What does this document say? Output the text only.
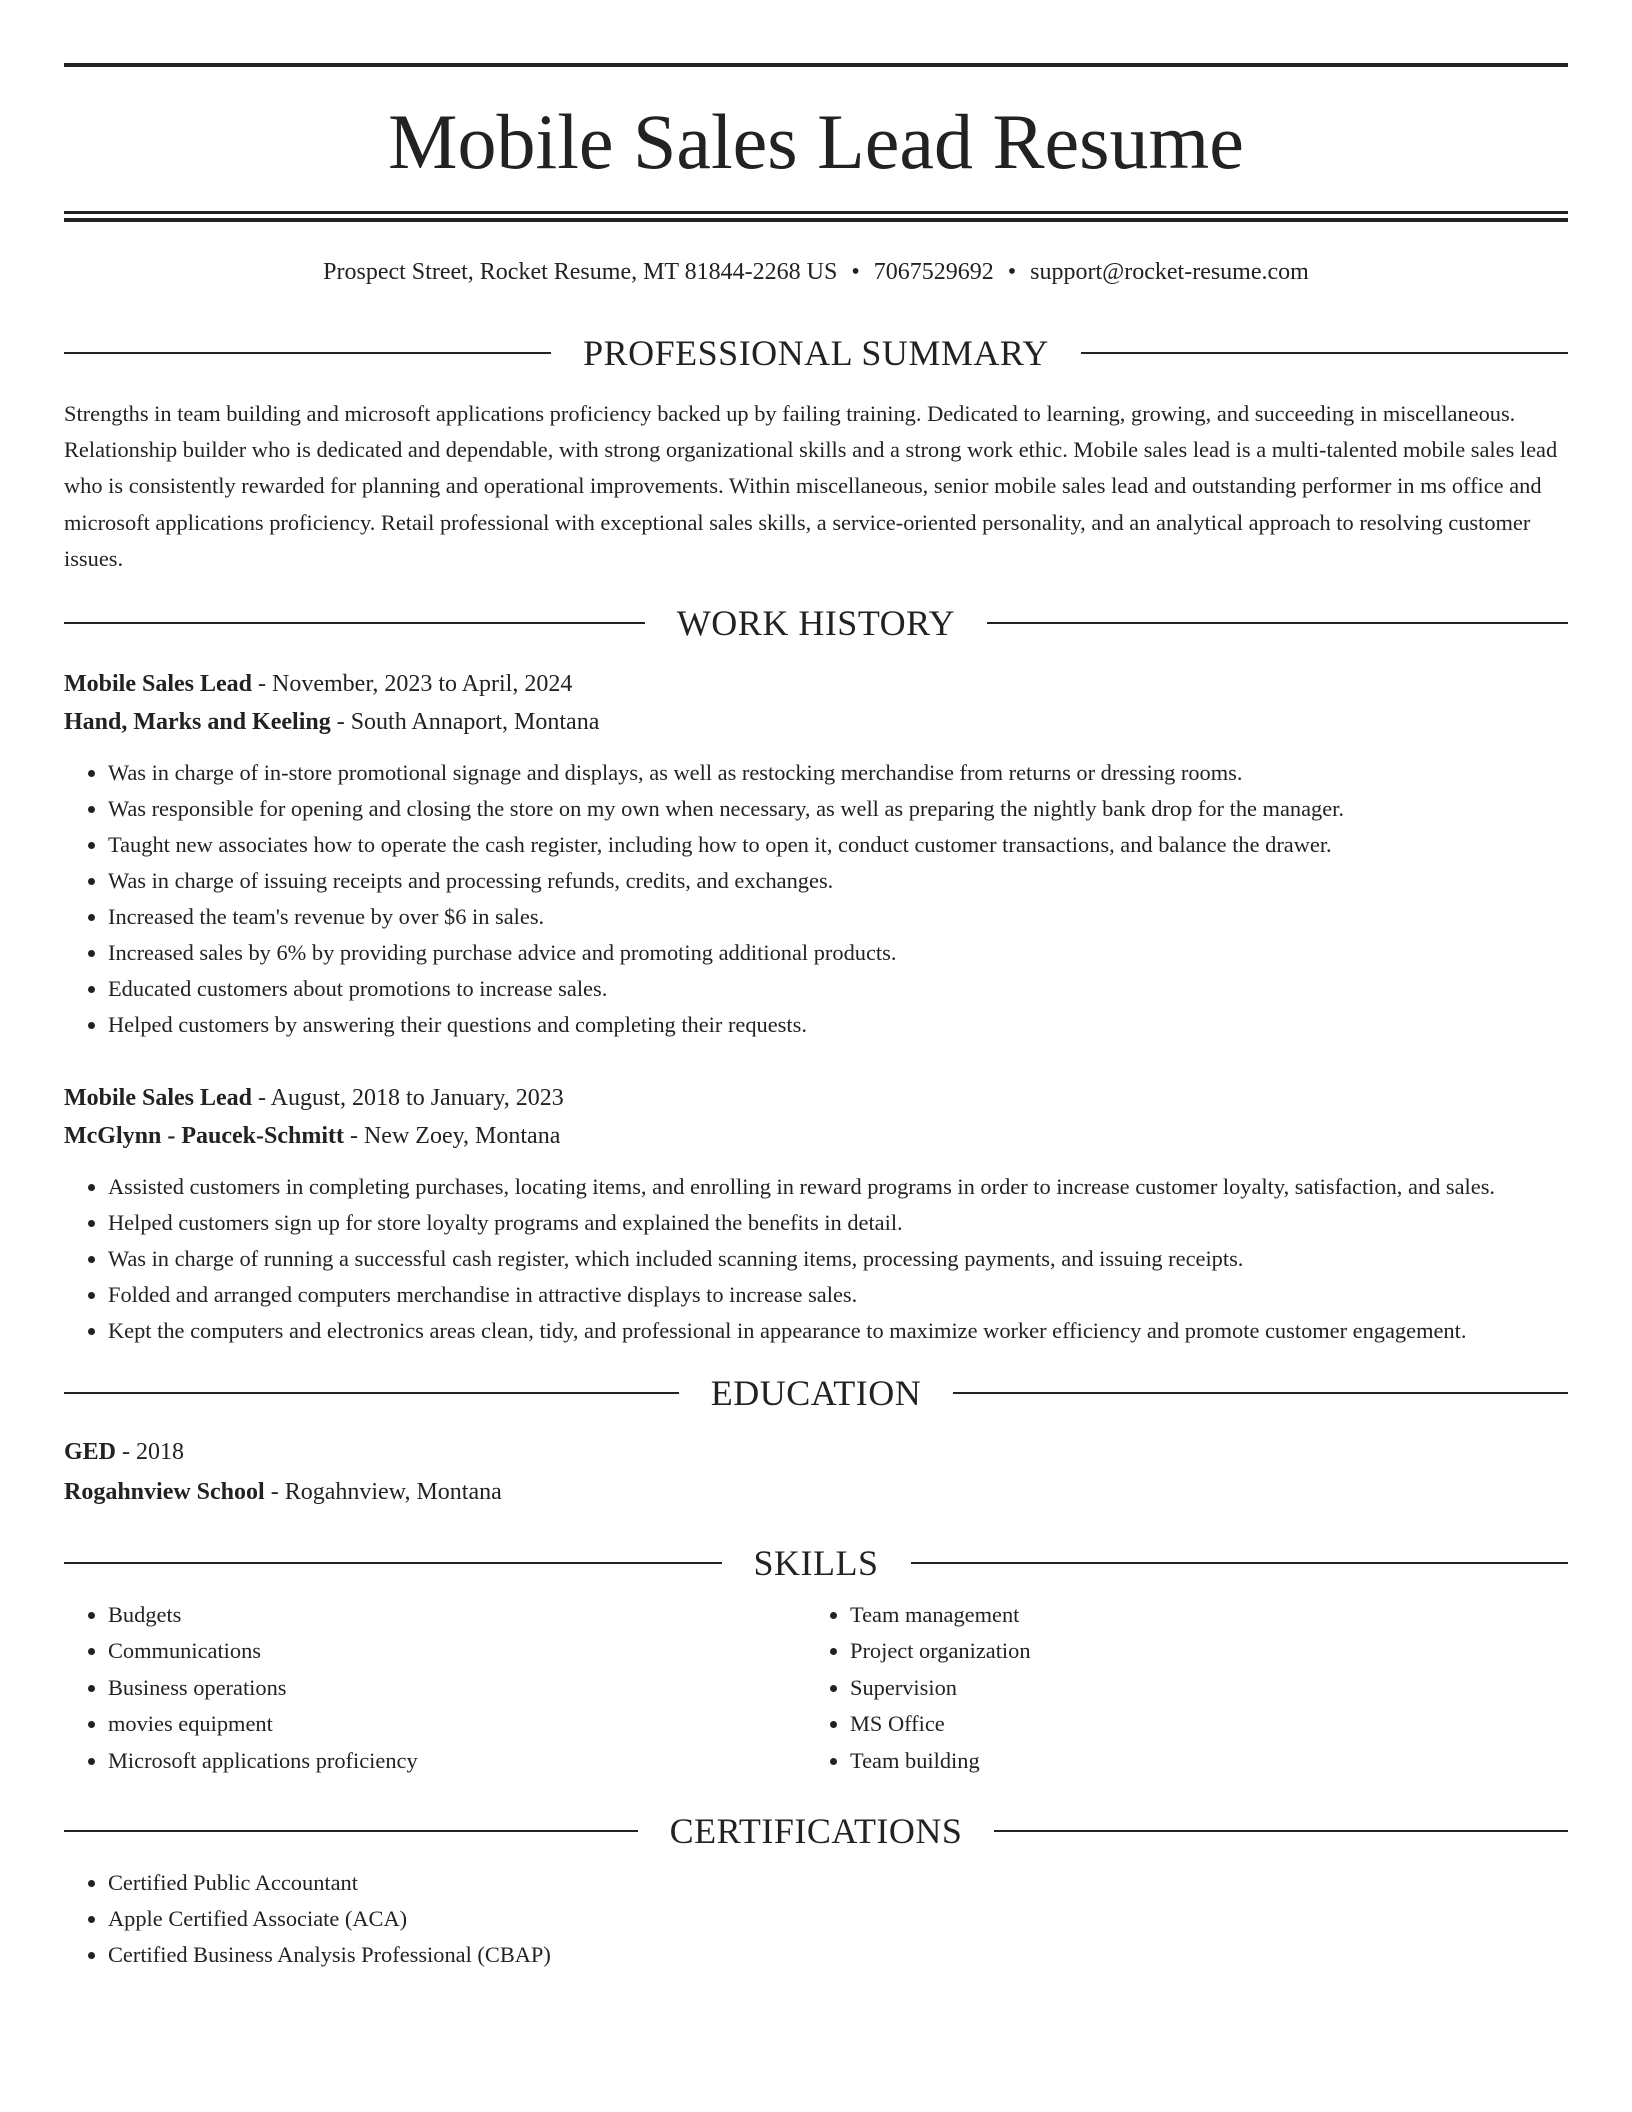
Mobile Sales Lead Resume
Prospect Street, Rocket Resume, MT 81844-2268 US • 7067529692 • support@rocket-resume.com
PROFESSIONAL SUMMARY
Strengths in team building and microsoft applications proficiency backed up by failing training. Dedicated to learning, growing, and succeeding in miscellaneous. Relationship builder who is dedicated and dependable, with strong organizational skills and a strong work ethic. Mobile sales lead is a multi-talented mobile sales lead who is consistently rewarded for planning and operational improvements. Within miscellaneous, senior mobile sales lead and outstanding performer in ms office and microsoft applications proficiency. Retail professional with exceptional sales skills, a service-oriented personality, and an analytical approach to resolving customer issues.
WORK HISTORY
Mobile Sales Lead - November, 2023 to April, 2024
Hand, Marks and Keeling - South Annaport, Montana
• Was in charge of in-store promotional signage and displays, as well as restocking merchandise from returns or dressing rooms.
• Was responsible for opening and closing the store on my own when necessary, as well as preparing the nightly bank drop for the manager.
• Taught new associates how to operate the cash register, including how to open it, conduct customer transactions, and balance the drawer.
• Was in charge of issuing receipts and processing refunds, credits, and exchanges.
• Increased the team's revenue by over $6 in sales.
• Increased sales by 6% by providing purchase advice and promoting additional products.
• Educated customers about promotions to increase sales.
• Helped customers by answering their questions and completing their requests.
Mobile Sales Lead - August, 2018 to January, 2023
McGlynn - Paucek-Schmitt - New Zoey, Montana
• Assisted customers in completing purchases, locating items, and enrolling in reward programs in order to increase customer loyalty, satisfaction, and sales.
• Helped customers sign up for store loyalty programs and explained the benefits in detail.
• Was in charge of running a successful cash register, which included scanning items, processing payments, and issuing receipts.
• Folded and arranged computers merchandise in attractive displays to increase sales.
• Kept the computers and electronics areas clean, tidy, and professional in appearance to maximize worker efficiency and promote customer engagement.
EDUCATION
GED - 2018
Rogahnview School - Rogahnview, Montana
SKILLS
• Budgets
• Communications
• Business operations
• movies equipment
• Microsoft applications proficiency
• Team management
• Project organization
• Supervision
• MS Office
• Team building
CERTIFICATIONS
• Certified Public Accountant
• Apple Certified Associate (ACA)
• Certified Business Analysis Professional (CBAP)
